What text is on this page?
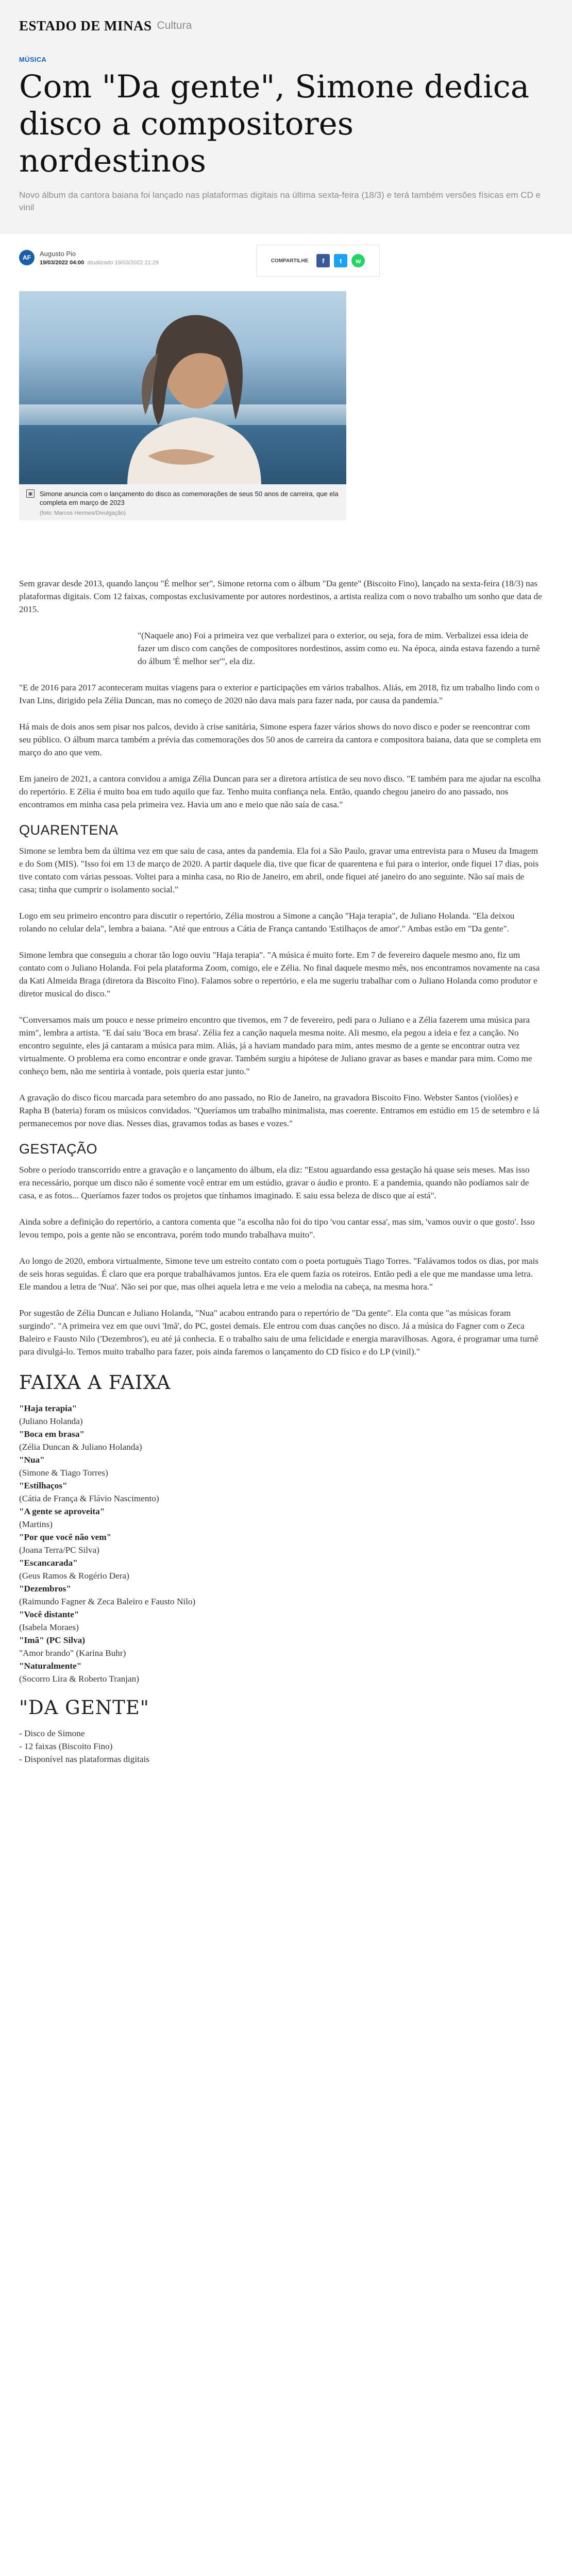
ESTADO DE MINAS Cultura
MÚSICA
Com "Da gente", Simone dedica disco a compositores nordestinos
Novo álbum da cantora baiana foi lançado nas plataformas digitais na última sexta-feira (18/3) e terá também versões físicas em CD e vinil
AF	Augusto Pio
19/03/2022 04:00 atualizado 19/03/2022 21:29	COMPARTILHE	f	t	w
▣ Simone anuncia com o lançamento do disco as comemorações de seus 50 anos de carreira, que ela completa em março de 2023
(foto: Marcos Hermes/Divulgação)

Sem gravar desde 2013, quando lançou "É melhor ser", Simone retorna com o álbum "Da gente" (Biscoito Fino), lançado na sexta-feira (18/3) nas plataformas digitais. Com 12 faixas, compostas exclusivamente por autores nordestinos, a artista realiza com o novo trabalho um sonho que data de 2015.

"(Naquele ano) Foi a primeira vez que verbalizei para o exterior, ou seja, fora de mim. Verbalizei essa ideia de fazer um disco com canções de compositores nordestinos, assim como eu. Na época, ainda estava fazendo a turnê do álbum 'É melhor ser'", ela diz.

"E de 2016 para 2017 aconteceram muitas viagens para o exterior e participações em vários trabalhos. Aliás, em 2018, fiz um trabalho lindo com o Ivan Lins, dirigido pela Zélia Duncan, mas no começo de 2020 não dava mais para fazer nada, por causa da pandemia."

Há mais de dois anos sem pisar nos palcos, devido à crise sanitária, Simone espera fazer vários shows do novo disco e poder se reencontrar com seu público. O álbum marca também a prévia das comemorações dos 50 anos de carreira da cantora e compositora baiana, data que se completa em março do ano que vem.

Em janeiro de 2021, a cantora convidou a amiga Zélia Duncan para ser a diretora artística de seu novo disco. "E também para me ajudar na escolha do repertório. E Zélia é muito boa em tudo aquilo que faz. Tenho muita confiança nela. Então, quando chegou janeiro do ano passado, nos encontramos em minha casa pela primeira vez. Havia um ano e meio que não saía de casa."

QUARENTENA

Simone se lembra bem da última vez em que saiu de casa, antes da pandemia. Ela foi a São Paulo, gravar uma entrevista para o Museu da Imagem e do Som (MIS). "Isso foi em 13 de março de 2020. A partir daquele dia, tive que ficar de quarentena e fui para o interior, onde fiquei 17 dias, pois tive contato com várias pessoas. Voltei para a minha casa, no Rio de Janeiro, em abril, onde fiquei até janeiro do ano seguinte. Não saí mais de casa; tinha que cumprir o isolamento social."

Logo em seu primeiro encontro para discutir o repertório, Zélia mostrou a Simone a canção "Haja terapia", de Juliano Holanda. "Ela deixou rolando no celular dela", lembra a baiana. "Até que entrous a Cátia de França cantando 'Estilhaços de amor'." Ambas estão em "Da gente".

Simone lembra que conseguiu a chorar tão logo ouviu "Haja terapia". "A música é muito forte. Em 7 de fevereiro daquele mesmo ano, fiz um contato com o Juliano Holanda. Foi pela plataforma Zoom, comigo, ele e Zélia. No final daquele mesmo mês, nos encontramos novamente na casa da Kati Almeida Braga (diretora da Biscoito Fino). Falamos sobre o repertório, e ela me sugeriu trabalhar com o Juliano Holanda como produtor e diretor musical do disco."

"Conversamos mais um pouco e nesse primeiro encontro que tivemos, em 7 de fevereiro, pedi para o Juliano e a Zélia fazerem uma música para mim", lembra a artista. "E daí saiu 'Boca em brasa'. Zélia fez a canção naquela mesma noite. Ali mesmo, ela pegou a ideia e fez a canção. No encontro seguinte, eles já cantaram a música para mim. Aliás, já a haviam mandado para mim, antes mesmo de a gente se encontrar outra vez virtualmente. O problema era como encontrar e onde gravar. Também surgiu a hipótese de Juliano gravar as bases e mandar para mim. Como me conheço bem, não me sentiria à vontade, pois queria estar junto."

A gravação do disco ficou marcada para setembro do ano passado, no Rio de Janeiro, na gravadora Biscoito Fino. Webster Santos (violões) e Rapha B (bateria) foram os músicos convidados. "Queríamos um trabalho minimalista, mas coerente. Entramos em estúdio em 15 de setembro e lá permanecemos por nove dias. Nesses dias, gravamos todas as bases e vozes."

GESTAÇÃO

Sobre o período transcorrido entre a gravação e o lançamento do álbum, ela diz: "Estou aguardando essa gestação há quase seis meses. Mas isso era necessário, porque um disco não é somente você entrar em um estúdio, gravar o áudio e pronto. E a pandemia, quando não podíamos sair de casa, e as fotos... Queríamos fazer todos os projetos que tínhamos imaginado. E saiu essa beleza de disco que aí está".

Ainda sobre a definição do repertório, a cantora comenta que "a escolha não foi do tipo 'vou cantar essa', mas sim, 'vamos ouvir o que gosto'. Isso levou tempo, pois a gente não se encontrava, porém todo mundo trabalhava muito".

Ao longo de 2020, embora virtualmente, Simone teve um estreito contato com o poeta portuguès Tiago Torres. "Falávamos todos os dias, por mais de seis horas seguidas. É claro que era porque trabalhávamos juntos. Era ele quem fazia os roteiros. Então pedi a ele que me mandasse uma letra. Ele mandou a letra de 'Nua'. Não sei por que, mas olhei aquela letra e me veio a melodia na cabeça, na mesma hora."

Por sugestão de Zélia Duncan e Juliano Holanda, "Nua" acabou entrando para o repertório de "Da gente". Ela conta que "as músicas foram surgindo". "A primeira vez em que ouvi 'Imã', do PC, gostei demais. Ele entrou com duas canções no disco. Já a música do Fagner com o Zeca Baleiro e Fausto Nilo ('Dezembros'), eu até já conhecia. E o trabalho saiu de uma felicidade e energia maravilhosas. Agora, é programar uma turnê para divulgá-lo. Temos muito trabalho para fazer, pois ainda faremos o lançamento do CD físico e do LP (vinil)."

FAIXA A FAIXA
"Haja terapia"
(Juliano Holanda)
"Boca em brasa"
(Zélia Duncan & Juliano Holanda)
"Nua"
(Simone & Tiago Torres)
"Estilhaços"
(Cátia de França & Flávio Nascimento)
"A gente se aproveita"
(Martins)
"Por que você não vem"
(Joana Terra/PC Silva)
"Escancarada"
(Geus Ramos & Rogério Dera)
"Dezembros"
(Raimundo Fagner & Zeca Baleiro e Fausto Nilo)
"Você distante"
(Isabela Moraes)
"Imã" (PC Silva)
"Amor brando" (Karina Buhr)
"Naturalmente"
(Socorro Lira & Roberto Tranjan)
"DA GENTE"
- Disco de Simone
- 12 faixas (Biscoito Fino)
- Disponível nas plataformas digitais
